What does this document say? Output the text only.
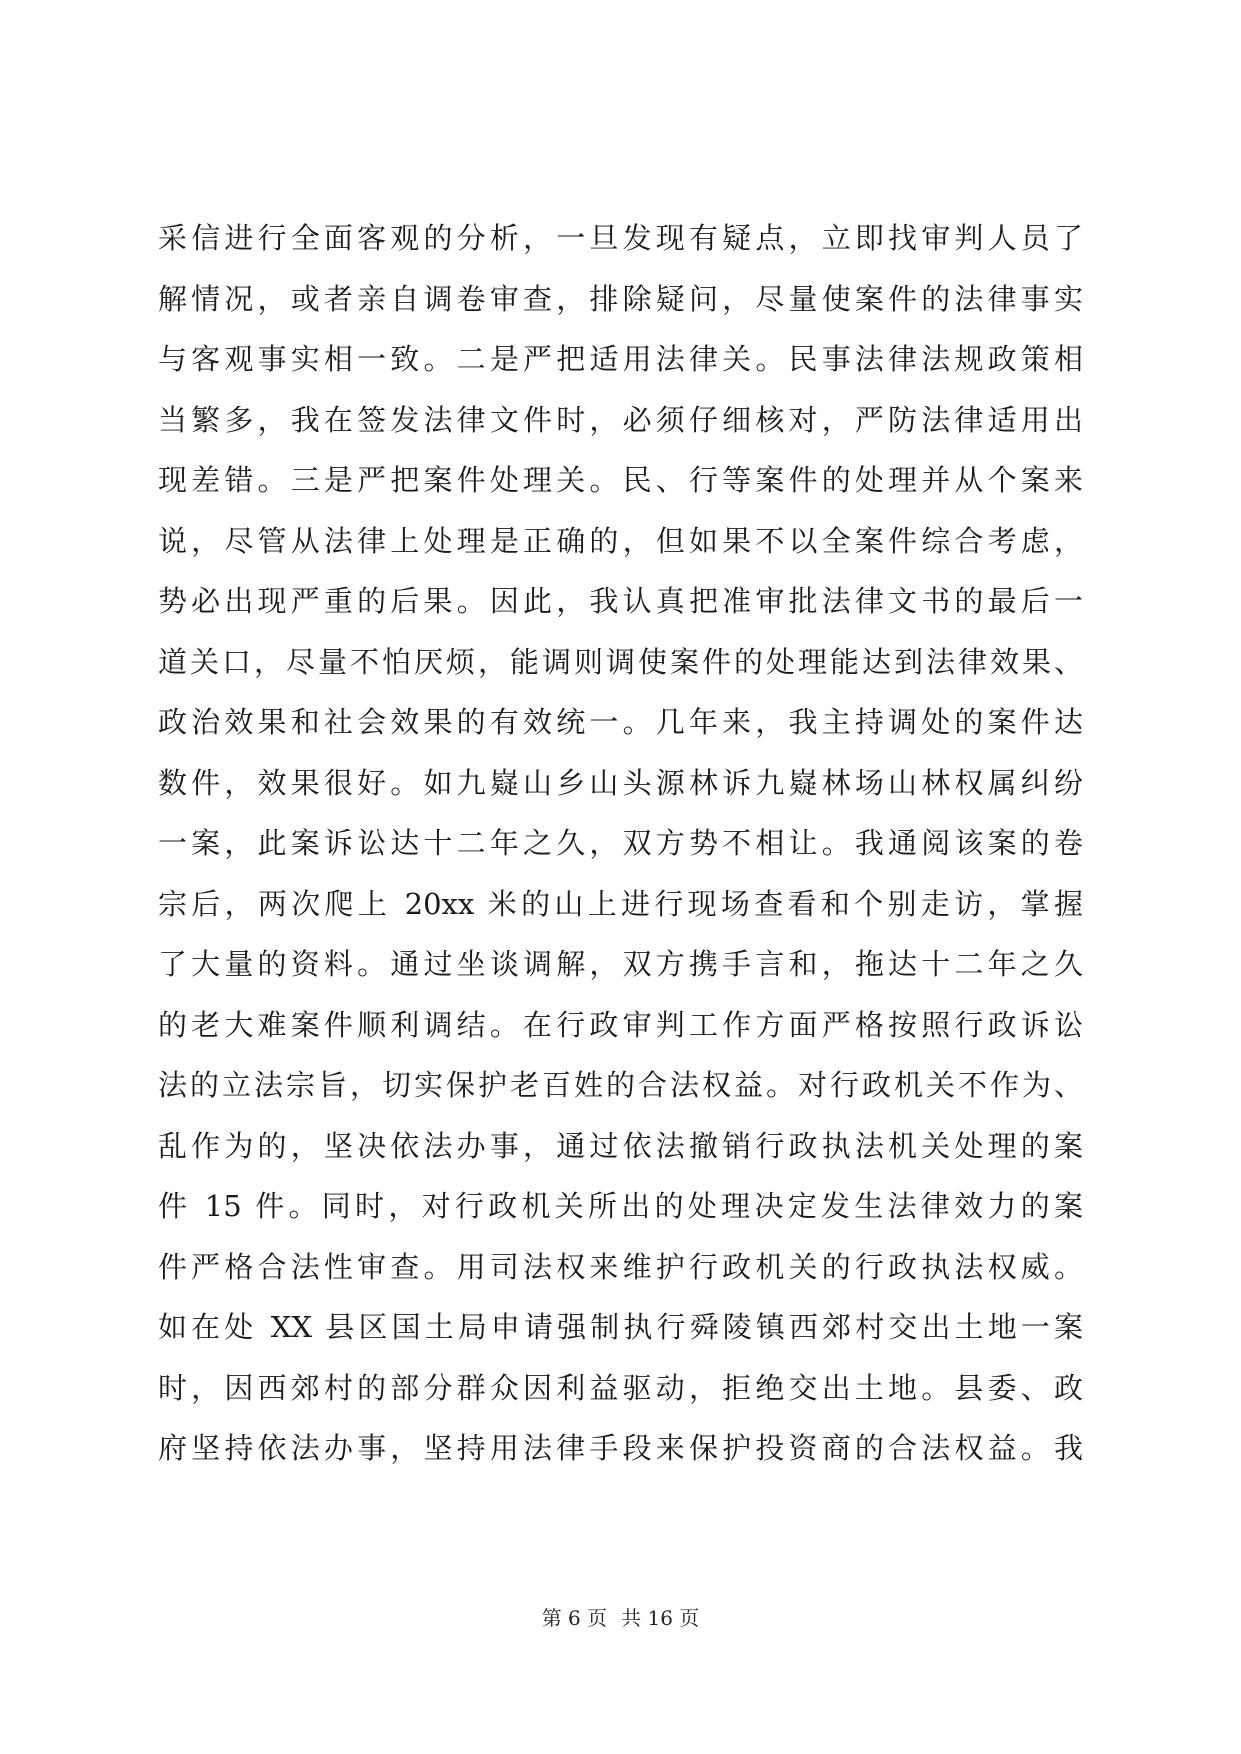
采信进行全面客观的分析，一旦发现有疑点，立即找审判人员了
解情况，或者亲自调卷审查，排除疑问，尽量使案件的法律事实
与客观事实相一致。二是严把适用法律关。民事法律法规政策相
当繁多，我在签发法律文件时，必须仔细核对，严防法律适用出
现差错。三是严把案件处理关。民、行等案件的处理并从个案来
说，尽管从法律上处理是正确的，但如果不以全案件综合考虑，
势必出现严重的后果。因此，我认真把准审批法律文书的最后一
道关口，尽量不怕厌烦，能调则调使案件的处理能达到法律效果、
政治效果和社会效果的有效统一。几年来，我主持调处的案件达
数件，效果很好。如九嶷山乡山头源林诉九嶷林场山林权属纠纷
一案，此案诉讼达十二年之久，双方势不相让。我通阅该案的卷
宗后，两次爬上 20xx 米的山上进行现场查看和个别走访，掌握
了大量的资料。通过坐谈调解，双方携手言和，拖达十二年之久
的老大难案件顺利调结。在行政审判工作方面严格按照行政诉讼
法的立法宗旨，切实保护老百姓的合法权益。对行政机关不作为、
乱作为的，坚决依法办事，通过依法撤销行政执法机关处理的案
件 15 件。同时，对行政机关所出的处理决定发生法律效力的案
件严格合法性审查。用司法权来维护行政机关的行政执法权威。
如在处 XX 县区国土局申请强制执行舜陵镇西郊村交出土地一案
时，因西郊村的部分群众因利益驱动，拒绝交出土地。县委、政
府坚持依法办事，坚持用法律手段来保护投资商的合法权益。我
第 6 页 共 16 页
